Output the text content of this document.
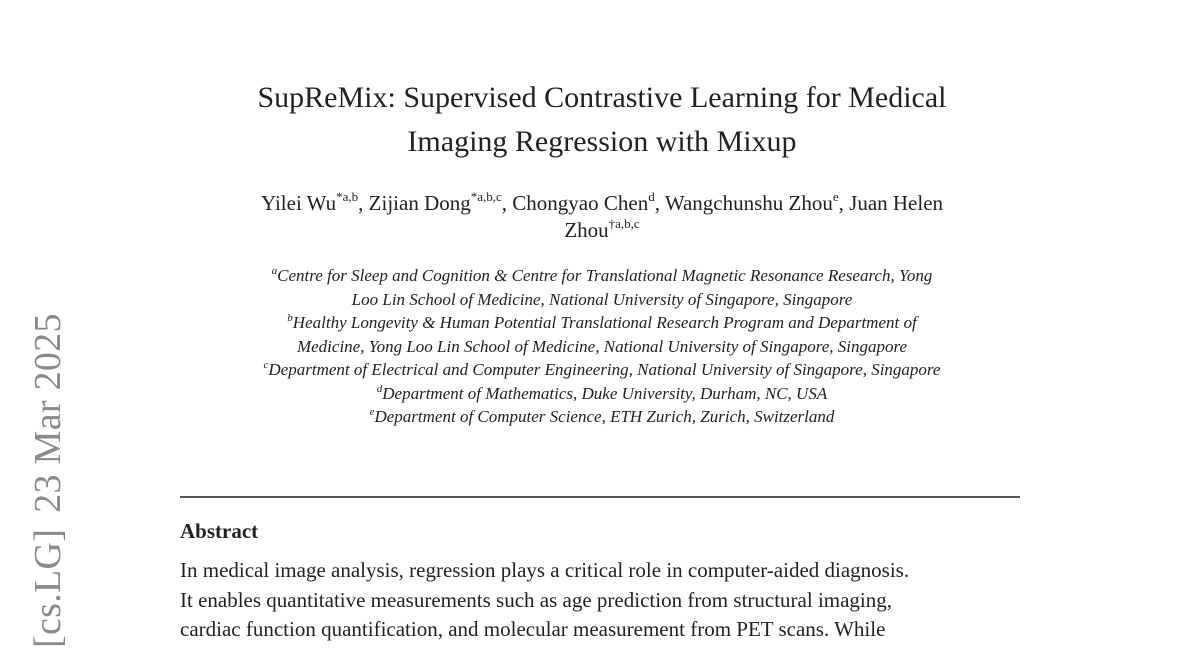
[cs.LG]
23 Mar 2025
SupReMix: Supervised Contrastive Learning for Medical
Imaging Regression with Mixup
Yilei Wu$^{*a,b}$, Zijian Dong$^{*a,b,c}$, Chongyao Chen$^d$, Wangchunshu Zhou$^e$, Juan Helen
Zhou$^{\dagger a,b,c}$
$^a$Centre for Sleep and Cognition & Centre for Translational Magnetic Resonance Research, Yong
Loo Lin School of Medicine, National University of Singapore, Singapore
$^b$Healthy Longevity & Human Potential Translational Research Program and Department of
Medicine, Yong Loo Lin School of Medicine, National University of Singapore, Singapore
$^c$Department of Electrical and Computer Engineering, National University of Singapore, Singapore
$^d$Department of Mathematics, Duke University, Durham, NC, USA
$^e$Department of Computer Science, ETH Zurich, Zurich, Switzerland
Abstract
In medical image analysis, regression plays a critical role in computer-aided diagnosis.
It enables quantitative measurements such as age prediction from structural imaging,
cardiac function quantification, and molecular measurement from PET scans. While
